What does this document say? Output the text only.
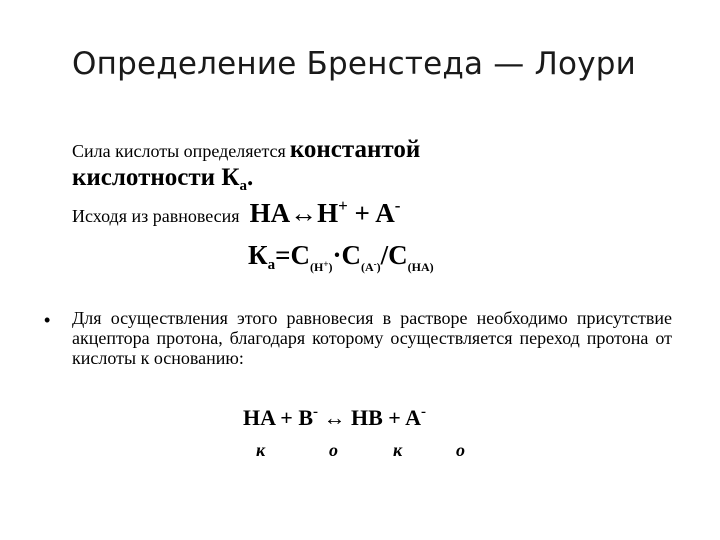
Определение Бренстеда — Лоури
Сила кислоты определяется константой
кислотности $К_а$.
Исходя из равновесия HA↔H+ + A-
$К_a=C_{(H^+)}\cdot C_{(A^-)}/C_{(HA)}$
• Для осуществления этого равновесия в растворе необходимо присутствие акцептора протона, благодаря которому осуществляется переход протона от кислоты к основанию:
HA + B- ↔ HB + A-
к	о	к	о
